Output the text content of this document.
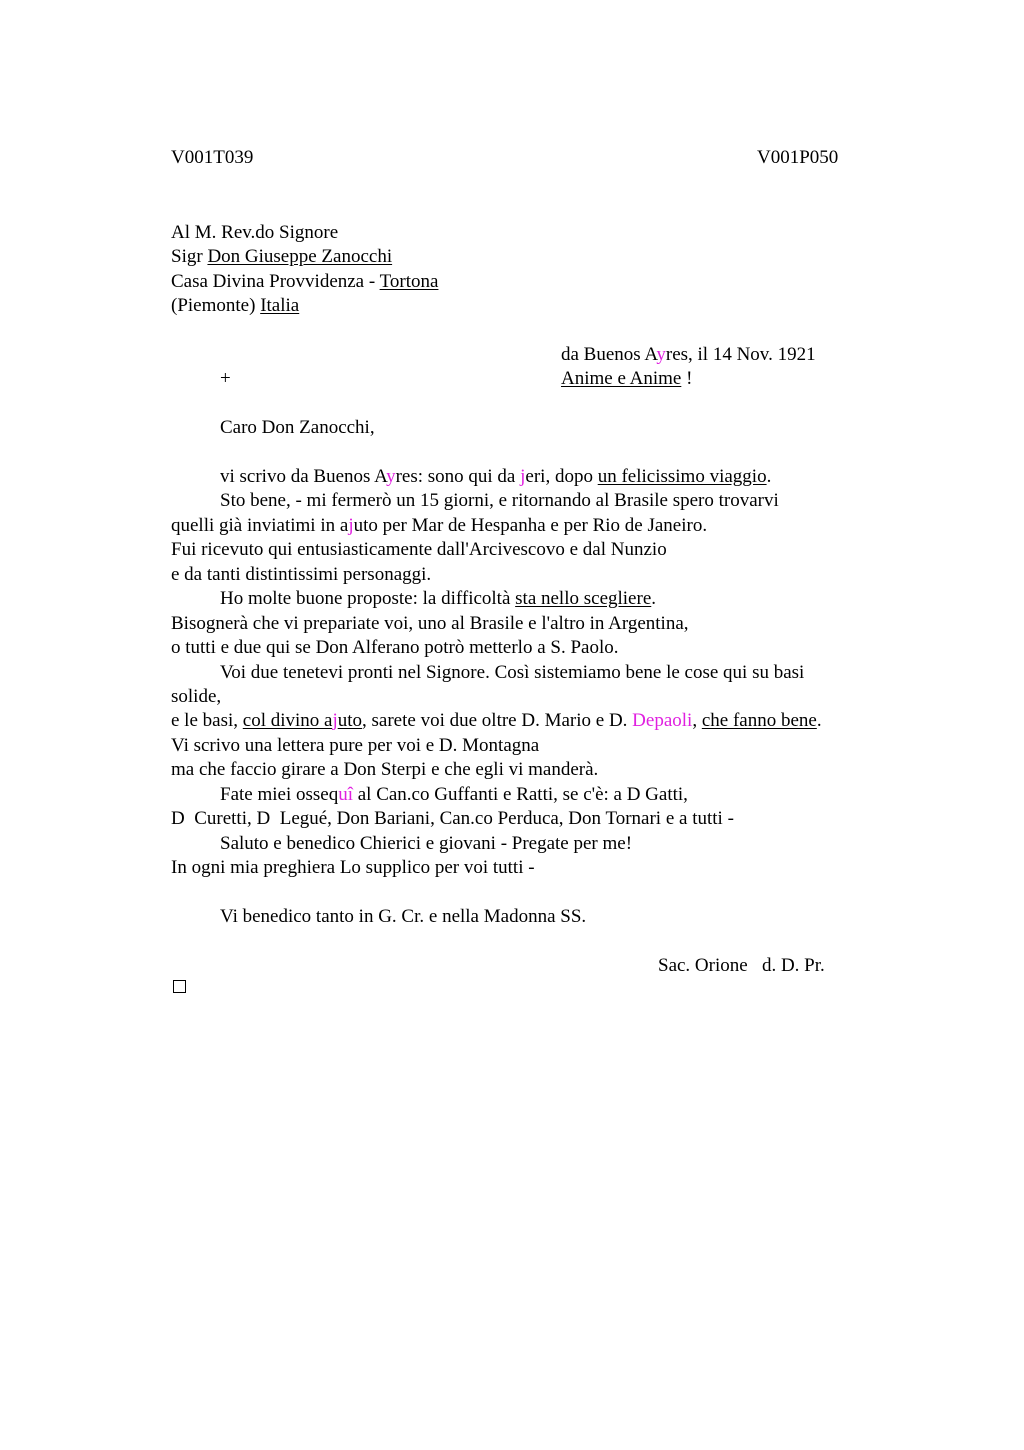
V001T039	V001P050
Al M. Rev.do Signore
Sigr Don Giuseppe Zanocchi
Casa Divina Provvidenza - Tortona
(Piemonte) Italia
da Buenos Ayres, il 14 Nov. 1921
+	Anime e Anime !
Caro Don Zanocchi,
vi scrivo da Buenos Ayres: sono qui da jeri, dopo un felicissimo viaggio.
Sto bene, - mi fermerò un 15 giorni, e ritornando al Brasile spero trovarvi
quelli già inviatimi in ajuto per Mar de Hespanha e per Rio de Janeiro.
Fui ricevuto qui entusiasticamente dall'Arcivescovo e dal Nunzio
e da tanti distintissimi personaggi.
Ho molte buone proposte: la difficoltà sta nello scegliere.
Bisognerà che vi prepariate voi, uno al Brasile e l'altro in Argentina,
o tutti e due qui se Don Alferano potrò metterlo a S. Paolo.
Voi due tenetevi pronti nel Signore. Così sistemiamo bene le cose qui su basi
solide,
e le basi, col divino ajuto, sarete voi due oltre D. Mario e D. Depaoli, che fanno bene.
Vi scrivo una lettera pure per voi e D. Montagna
ma che faccio girare a Don Sterpi e che egli vi manderà.
Fate miei ossequî al Can.co Guffanti e Ratti, se c'è: a D Gatti,
D  Curetti, D  Legué, Don Bariani, Can.co Perduca, Don Tornari e a tutti -
Saluto e benedico Chierici e giovani - Pregate per me!
In ogni mia preghiera Lo supplico per voi tutti -
Vi benedico tanto in G. Cr. e nella Madonna SS.
Sac. Orione   d. D. Pr.
